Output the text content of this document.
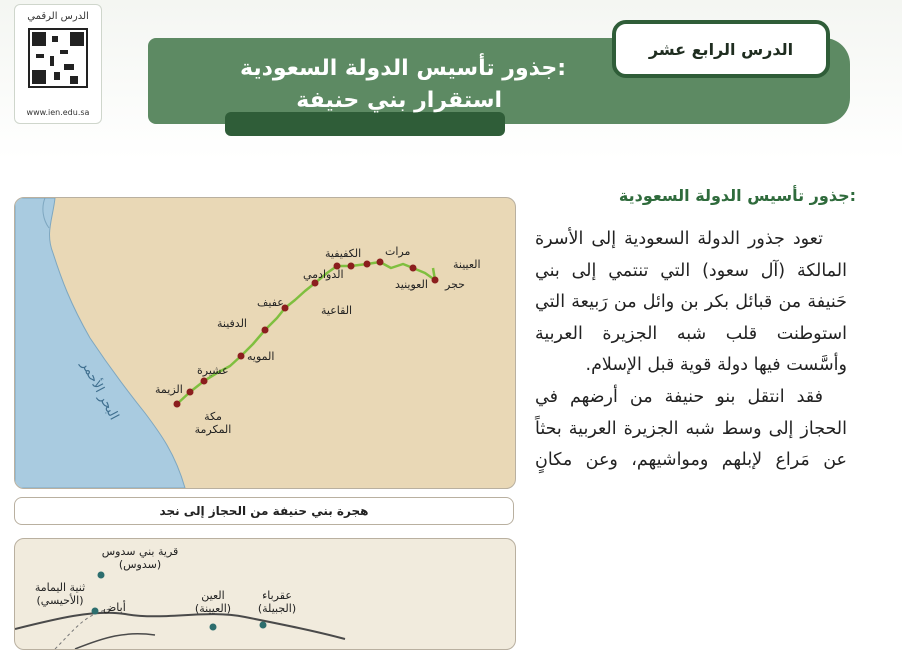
الدرس الرقمي
www.ien.edu.sa
الدرس الرابع عشر
جذور تأسيس الدولة السعودية:
استقرار بني حنيفة
البحر الأحمر	مكة المكرمة
الزيمة
عشيرة
المويه
الدفينة
عفيف
القاعية
الدوادمي
الكفيفية مرات
العوينيد
العيينة
حجر
هجرة بني حنيفة من الحجاز إلى نجد
قرية بني سدوس (سدوس)
ثنية اليمامة (الأحيسي)
أباض
العين (العيينة)
عقرباء (الجبيلة)
جذور تأسيس الدولة السعودية:

تعود جذور الدولة السعودية إلى الأسرة المالكة (آل سعود) التي تنتمي إلى بني حَنيفة من قبائل بكر بن وائل من رَبيعة التي استوطنت قلب شبه الجزيرة العربية وأسَّست فيها دولة قوية قبل الإسلام.

فقد انتقل بنو حنيفة من أرضهم في الحجاز إلى وسط شبه الجزيرة العربية بحثاً عن مَراع لإبلهم ومواشيهم، وعن مكانٍ
